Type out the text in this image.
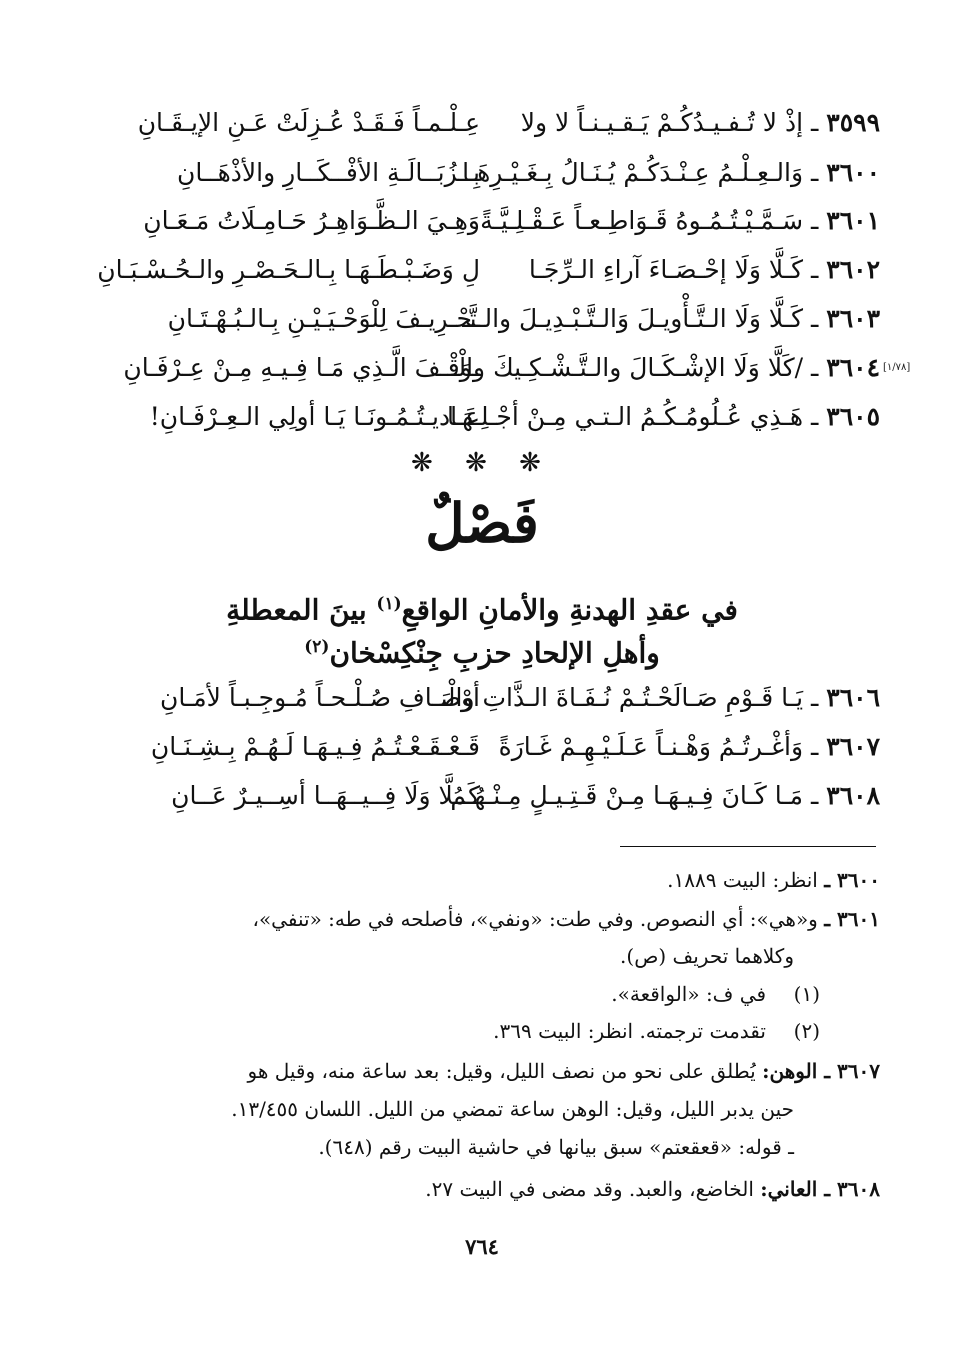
٣٥٩٩ ـ إذْ لا تُـفـيـدُكُـمْ يَـقـيـنـاً لا ولا
عِـلْـمـاً فَـقَـدْ عُـزِلَتْ عَـنِ الإيـقَـانِ
٣٦٠٠ ـ وَالـعِـلْـمُ عِـنْـدَكُـمْ يُـنَـالُ بِـغَـيْـرِهَـا
بِــزُبَــالَـةِ الأفْــكَــارِ والأذْهَــانِ
٣٦٠١ ـ سَـمَّـيْـتُـمُـوهُ قَـوَاطِـعـاً عَـقْـلِـيَّـةً
وَهِـيَ الـظَّـوَاهِـرُ حَـامِـلَاتُ مَـعَـانِ
٣٦٠٢ ـ كَـلَّا وَلَا إحْـصَـاءَ آراءِ الـرِّجَـا
لِ وَضَـبْـطَـهَـا بِـالـحَـصْـرِ والـحُـسْـبَـانِ
٣٦٠٣ ـ كَـلَّا وَلَا الـتَّـأْويـلَ وَالـتَّـبْـدِيـلَ والـتَّـ
ـحْـرِيـفَ لِلْوَحْـيَـيْـنِ بِـالـبُـهْـتَـانِ
٣٦٠٤ ـ /كَلَّا وَلَا الإشْـكَـالَ والـتَّـشْـكِـيكَ والْـ
ـوَقْـفَ الَّـذِي مَـا فِـيـهِ مِـنْ عِـرْفَـانِ	[١/٧٨]
٣٦٠٥ ـ هَـذِي عُـلُومُـكُـمُ الـتـي مِـنْ أجْـلِـهَـا
عَـاديـتُـمُـونَـا يَـا أولِي الـعِـرْفَـانِ!
❋ ❋ ❋
فَصْلٌ
في عقدِ الهدنةِ والأمانِ الواقعِ$^{(١)}$ بينَ المعطلةِ
وأهلِ الإلحادِ حزبِ جِنْكِسْخان$^{(٢)}$
٣٦٠٦ ـ يَـا قَـوْمِ صَـالَحْـتُـمْ نُـفَـاةَ الـذَّاتِ والْـ
أوْصَـافِ صُـلْـحـاً مُـوجِـبـاً لأمَـانِ
٣٦٠٧ ـ وَأغْـرتُـمُ وَهْـنـاً عَـلَـيْـهِـمْ غَـارَةً
قَـعْـقَـعْـتُـمُ فِـيـهَـا لَـهُـمْ بِـشِـنَـانِ
٣٦٠٨ ـ مَـا كَـانَ فِـيـهَـا مِـنْ قَـتِـيـلٍ مِـنْـهُـمُ
كَــلَّا وَلَا فِــيــهَــا أسِــيـرٌ عَــانِ
٣٦٠٠ ـ انظر: البيت ١٨٨٩.
٣٦٠١ ـ و«هي»: أي النصوص. وفي طت: «ونفي»، فأصلحه في طه: «تنفي»،
وكلاهما تحريف (ص).
(١)في ف: «الواقعة».
(٢)تقدمت ترجمته. انظر: البيت ٣٦٩.
٣٦٠٧ ـ الوهن: يُطلق على نحو من نصف الليل، وقيل: بعد ساعة منه، وقيل هو
حين يدبر الليل، وقيل: الوهن ساعة تمضي من الليل. اللسان ١٣/٤٥٥.
ـ قوله: «قعقعتم» سبق بيانها في حاشية البيت رقم (٦٤٨).
٣٦٠٨ ـ العاني: الخاضع، والعبد. وقد مضى في البيت ٢٧.
٧٦٤
